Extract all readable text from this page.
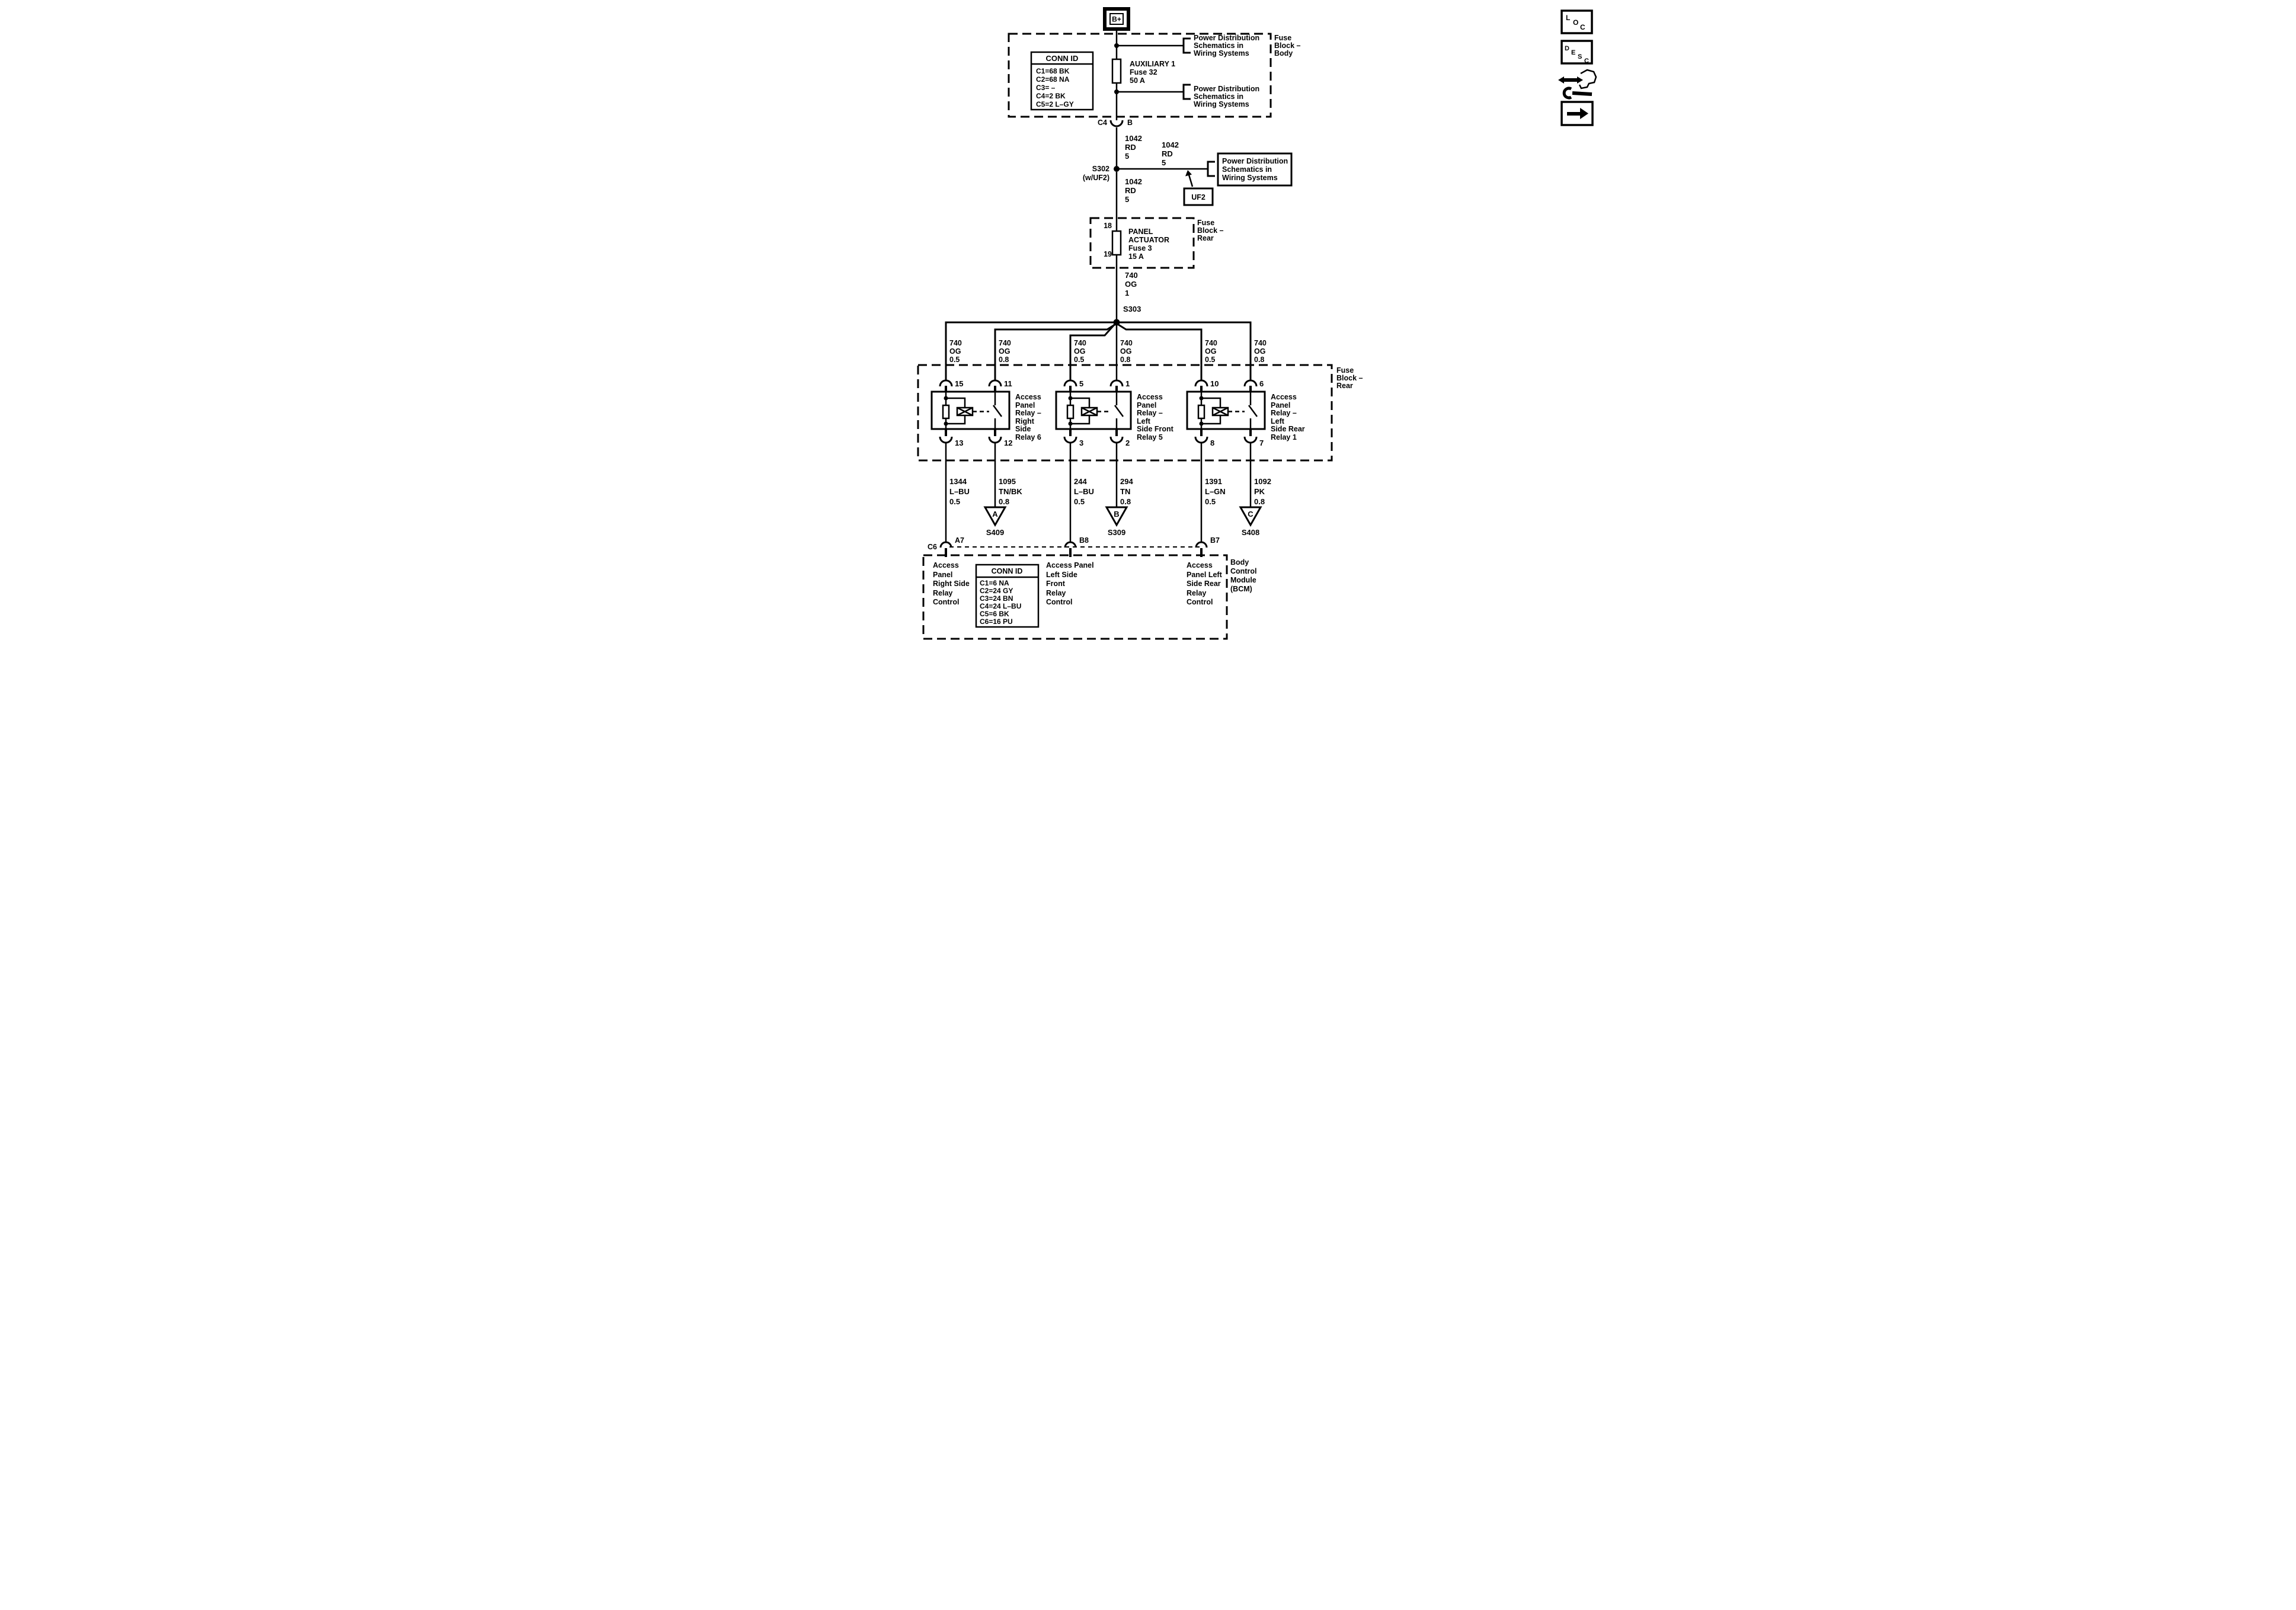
B+
Power Distribution
Schematics in
Wiring Systems
Power Distribution
Schematics in
Wiring Systems
Fuse
Block –
Body
CONN ID
C1=68 BK
C2=68 NA
C3= –
C4=2 BK
C5=2 L–GY
AUXILIARY 1
Fuse 32
50 A
C4	B
1042
RD
5
1042
RD
5
1042
RD
5
S302
(w/UF2)
Power Distribution
Schematics in
Wiring Systems
UF2
18
19
PANEL
ACTUATOR
Fuse 3
15 A
Fuse
Block –
Rear
740
OG
1
S303
Fuse
Block –
Rear
740
OG
0.5
740
OG
0.8
740
OG
0.5
740
OG
0.8
740
OG
0.5
740
OG
0.8
15	11	5	1	10	6
Access
Panel
Relay –
Right
Side
Relay 6
Access
Panel
Relay –
Left
Side Front
Relay 5
Access
Panel
Relay –
Left
Side Rear
Relay 1
13	12	3	2	8	7
1344
L–BU
0.5
1095
TN/BK
0.8
244
L–BU
0.5
294
TN
0.8
1391
L–GN
0.5
1092
PK
0.8
A
S409
B
S309
C
S408
C6
A7	B8	B7
Access
Panel
Right Side
Relay
Control
CONN ID
C1=6 NA
C2=24 GY
C3=24 BN
C4=24 L–BU
C5=6 BK
C6=16 PU
Access Panel
Left Side
Front
Relay
Control
Access
Panel Left
Side Rear
Relay
Control
Body
Control
Module
(BCM)
L
O
C
D
E
S
C
